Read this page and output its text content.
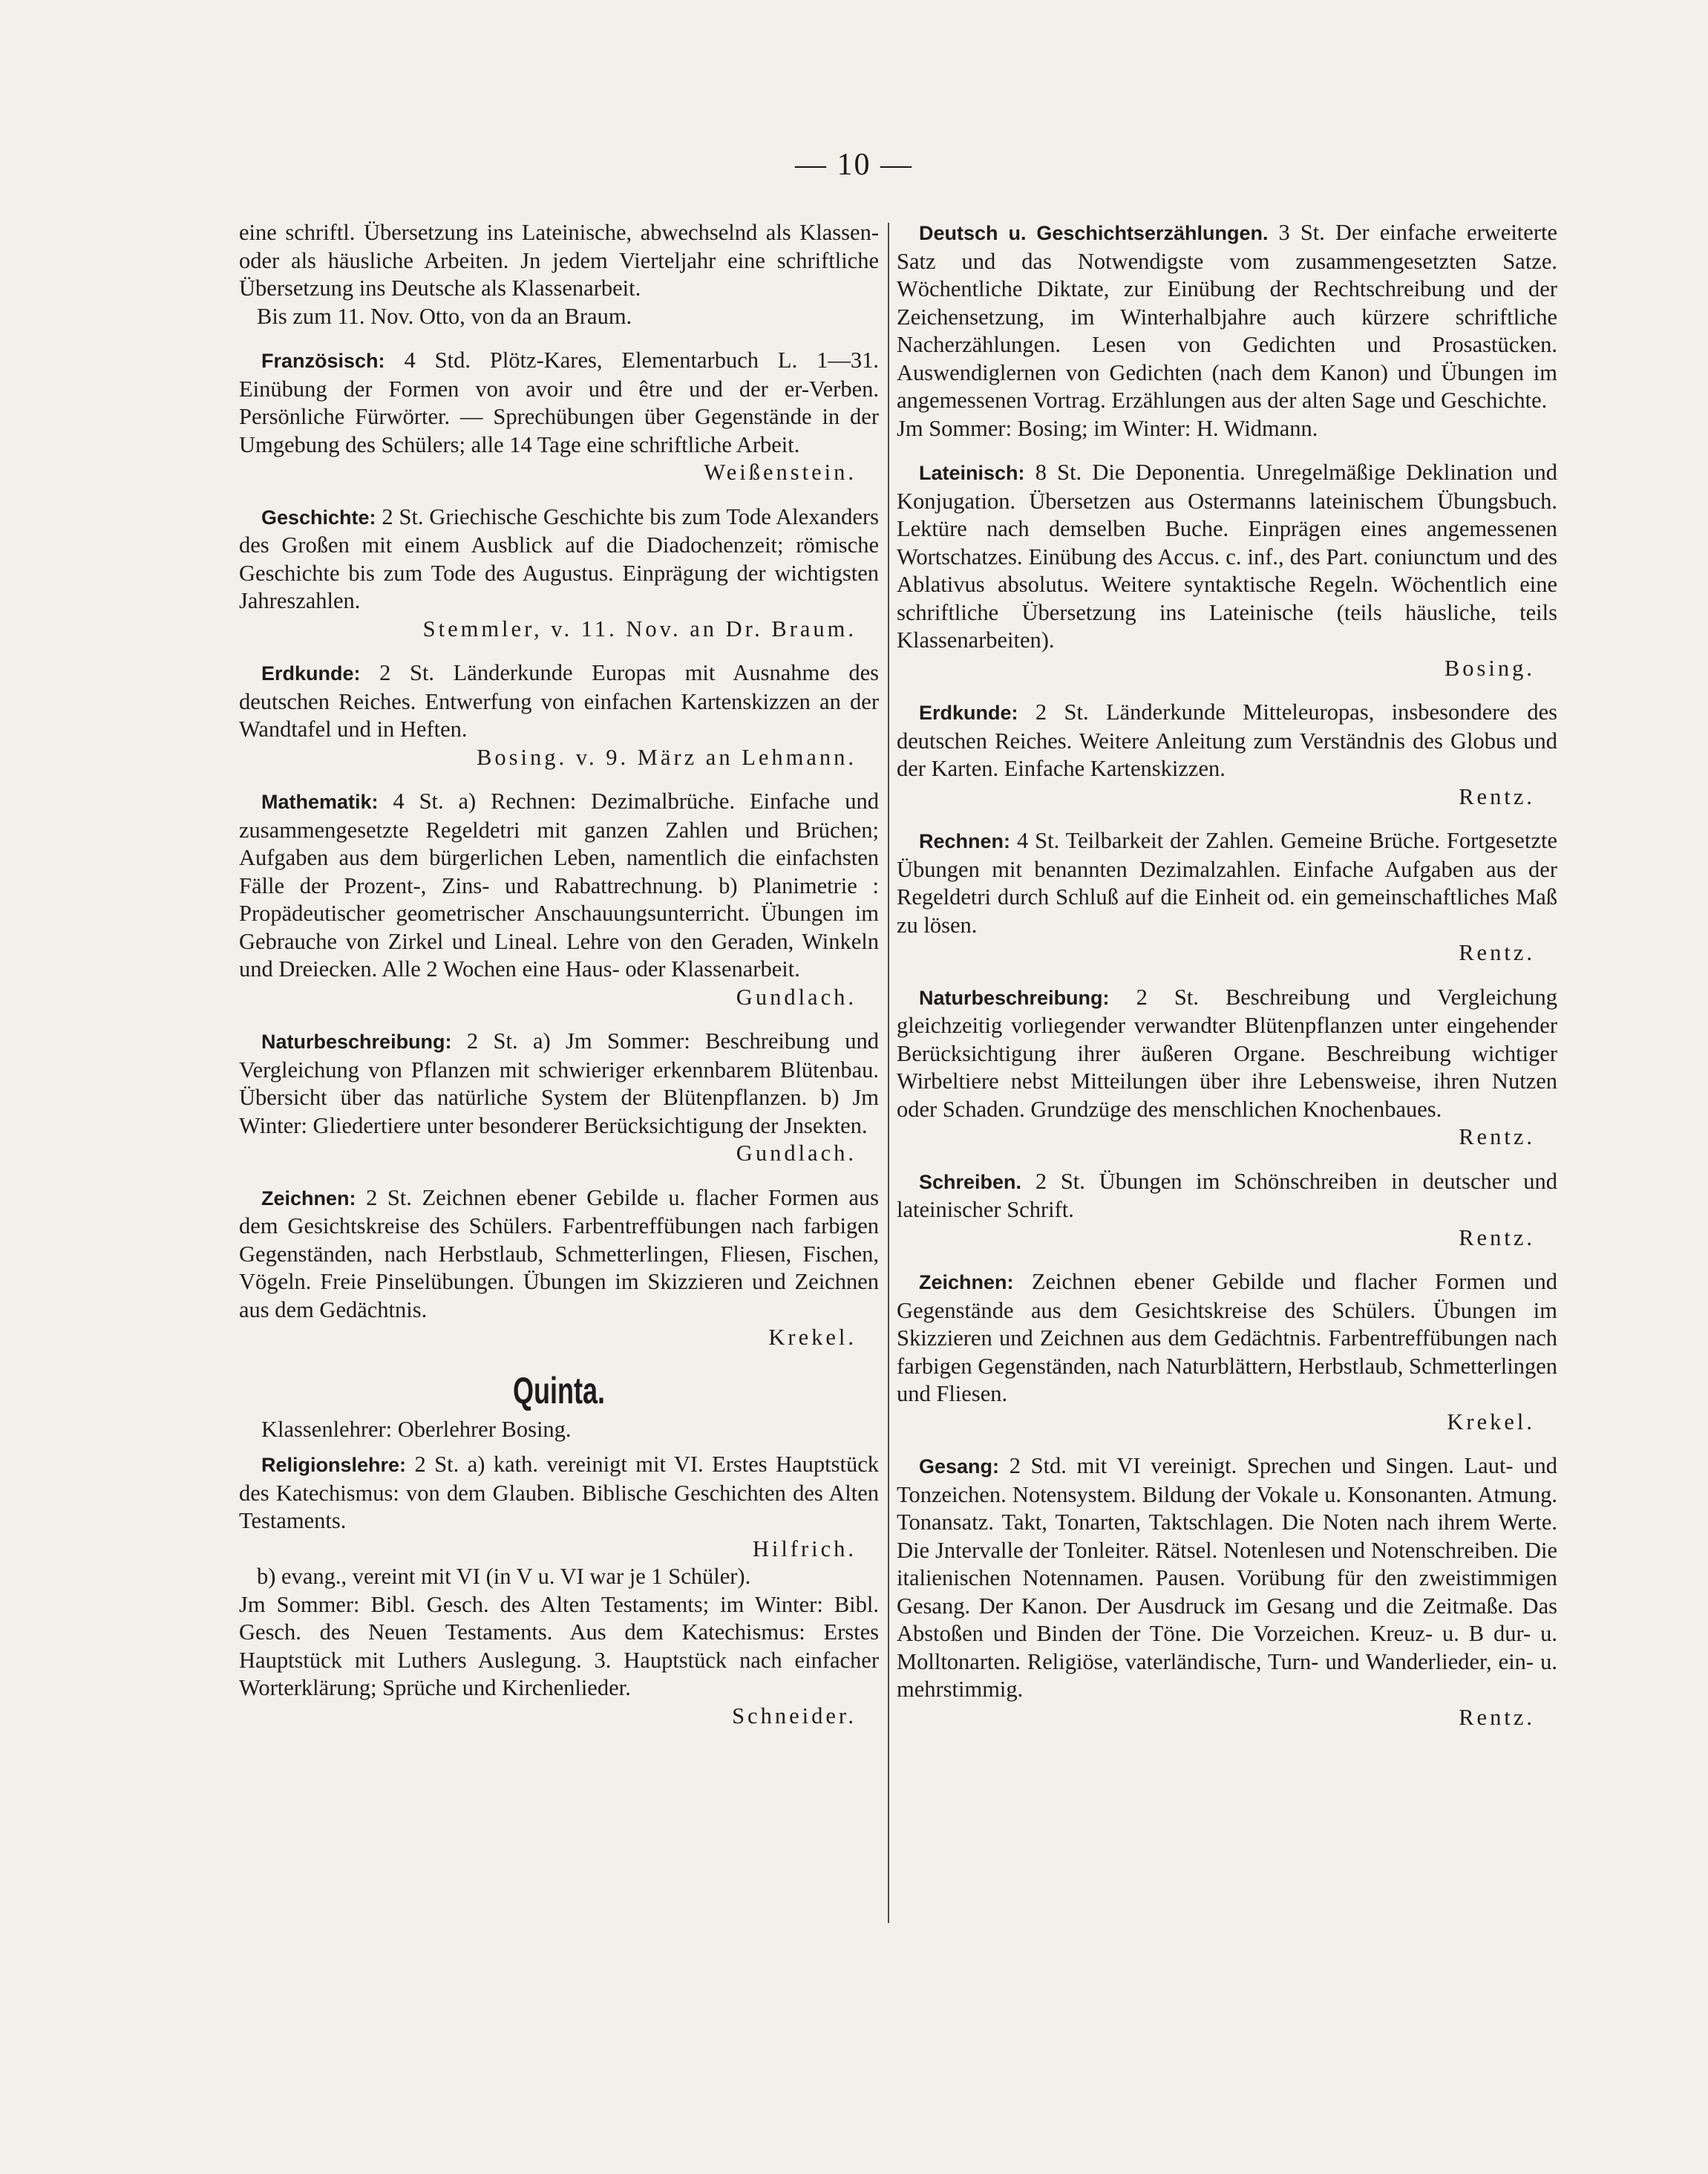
— 10 —

eine schriftl. Übersetzung ins Lateinische, abwechselnd als Klassen- oder als häusliche Arbeiten. Jn jedem Vierteljahr eine schriftliche Übersetzung ins Deutsche als Klassenarbeit.

Bis zum 11. Nov. Otto, von da an Braum.

Französisch: 4 Std. Plötz-Kares, Elementarbuch L. 1—31. Einübung der Formen von avoir und être und der er-Verben. Persönliche Fürwörter. — Sprechübungen über Gegenstände in der Umgebung des Schülers; alle 14 Tage eine schriftliche Arbeit.

Weißenstein.

Geschichte: 2 St. Griechische Geschichte bis zum Tode Alexanders des Großen mit einem Ausblick auf die Diadochenzeit; römische Geschichte bis zum Tode des Augustus. Einprägung der wichtigsten Jahreszahlen.

Stemmler, v. 11. Nov. an Dr. Braum.

Erdkunde: 2 St. Länderkunde Europas mit Ausnahme des deutschen Reiches. Entwerfung von einfachen Kartenskizzen an der Wandtafel und in Heften.

Bosing. v. 9. März an Lehmann.

Mathematik: 4 St. a) Rechnen: Dezimalbrüche. Einfache und zusammengesetzte Regeldetri mit ganzen Zahlen und Brüchen; Aufgaben aus dem bürgerlichen Leben, namentlich die einfachsten Fälle der Prozent-, Zins- und Rabattrechnung. b) Planimetrie : Propädeutischer geometrischer Anschauungsunterricht. Übungen im Gebrauche von Zirkel und Lineal. Lehre von den Geraden, Winkeln und Dreiecken. Alle 2 Wochen eine Haus- oder Klassenarbeit.

Gundlach.

Naturbeschreibung: 2 St. a) Jm Sommer: Beschreibung und Vergleichung von Pflanzen mit schwieriger erkennbarem Blütenbau. Übersicht über das natürliche System der Blütenpflanzen. b) Jm Winter: Gliedertiere unter besonderer Berücksichtigung der Jnsekten.

Gundlach.

Zeichnen: 2 St. Zeichnen ebener Gebilde u. flacher Formen aus dem Gesichtskreise des Schülers. Farbentreffübungen nach farbigen Gegenständen, nach Herbstlaub, Schmetterlingen, Fliesen, Fischen, Vögeln. Freie Pinselübungen. Übungen im Skizzieren und Zeichnen aus dem Gedächtnis.

Krekel.
Quinta.
Klassenlehrer: Oberlehrer Bosing.

Religionslehre: 2 St. a) kath. vereinigt mit VI. Erstes Hauptstück des Katechismus: von dem Glauben. Biblische Geschichten des Alten Testaments.

Hilfrich.

b) evang., vereint mit VI (in V u. VI war je 1 Schüler).

Jm Sommer: Bibl. Gesch. des Alten Testaments; im Winter: Bibl. Gesch. des Neuen Testaments. Aus dem Katechismus: Erstes Hauptstück mit Luthers Auslegung. 3. Hauptstück nach einfacher Worterklärung; Sprüche und Kirchenlieder.

Schneider.

Deutsch u. Geschichtserzählungen. 3 St. Der einfache erweiterte Satz und das Notwendigste vom zusammengesetzten Satze. Wöchentliche Diktate, zur Einübung der Rechtschreibung und der Zeichensetzung, im Winterhalbjahre auch kürzere schriftliche Nacherzählungen. Lesen von Gedichten und Prosastücken. Auswendiglernen von Gedichten (nach dem Kanon) und Übungen im angemessenen Vortrag. Erzählungen aus der alten Sage und Geschichte.

Jm Sommer: Bosing; im Winter: H. Widmann.

Lateinisch: 8 St. Die Deponentia. Unregelmäßige Deklination und Konjugation. Übersetzen aus Ostermanns lateinischem Übungsbuch. Lektüre nach demselben Buche. Einprägen eines angemessenen Wortschatzes. Einübung des Accus. c. inf., des Part. coniunctum und des Ablativus absolutus. Weitere syntaktische Regeln. Wöchentlich eine schriftliche Übersetzung ins Lateinische (teils häusliche, teils Klassenarbeiten).

Bosing.

Erdkunde: 2 St. Länderkunde Mitteleuropas, insbesondere des deutschen Reiches. Weitere Anleitung zum Verständnis des Globus und der Karten. Einfache Kartenskizzen.

Rentz.

Rechnen: 4 St. Teilbarkeit der Zahlen. Gemeine Brüche. Fortgesetzte Übungen mit benannten Dezimalzahlen. Einfache Aufgaben aus der Regeldetri durch Schluß auf die Einheit od. ein gemeinschaftliches Maß zu lösen.

Rentz.

Naturbeschreibung: 2 St. Beschreibung und Vergleichung gleichzeitig vorliegender verwandter Blütenpflanzen unter eingehender Berücksichtigung ihrer äußeren Organe. Beschreibung wichtiger Wirbeltiere nebst Mitteilungen über ihre Lebensweise, ihren Nutzen oder Schaden. Grundzüge des menschlichen Knochenbaues.

Rentz.

Schreiben. 2 St. Übungen im Schönschreiben in deutscher und lateinischer Schrift.

Rentz.

Zeichnen: Zeichnen ebener Gebilde und flacher Formen und Gegenstände aus dem Gesichtskreise des Schülers. Übungen im Skizzieren und Zeichnen aus dem Gedächtnis. Farbentreffübungen nach farbigen Gegenständen, nach Naturblättern, Herbstlaub, Schmetterlingen und Fliesen.

Krekel.

Gesang: 2 Std. mit VI vereinigt. Sprechen und Singen. Laut- und Tonzeichen. Notensystem. Bildung der Vokale u. Konsonanten. Atmung. Tonansatz. Takt, Tonarten, Taktschlagen. Die Noten nach ihrem Werte. Die Jntervalle der Tonleiter. Rätsel. Notenlesen und Notenschreiben. Die italienischen Notennamen. Pausen. Vorübung für den zweistimmigen Gesang. Der Kanon. Der Ausdruck im Gesang und die Zeitmaße. Das Abstoßen und Binden der Töne. Die Vorzeichen. Kreuz- u. B dur- u. Molltonarten. Religiöse, vaterländische, Turn- und Wanderlieder, ein- u. mehrstimmig.

Rentz.
